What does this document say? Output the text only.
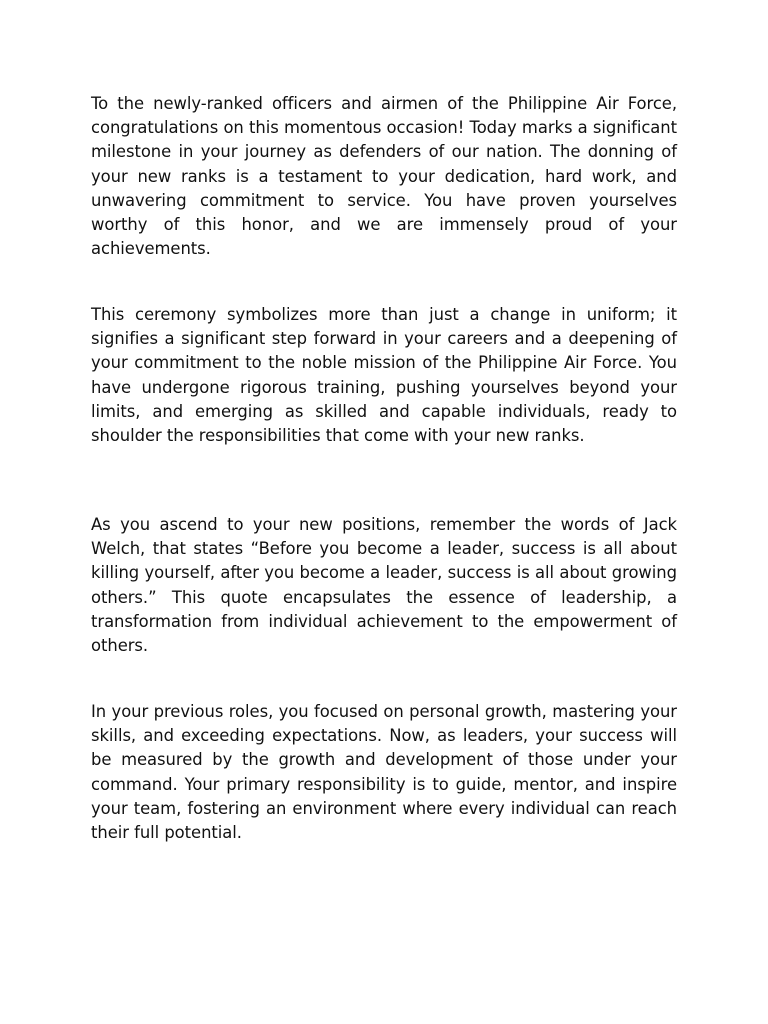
To the newly-ranked officers and airmen of the Philippine Air Force, congratulations on this momentous occasion! Today marks a significant milestone in your journey as defenders of our nation. The donning of your new ranks is a testament to your dedication, hard work, and unwavering commitment to service. You have proven yourselves worthy of this honor, and we are immensely proud of your achievements.

This ceremony symbolizes more than just a change in uniform; it signifies a significant step forward in your careers and a deepening of your commitment to the noble mission of the Philippine Air Force. You have undergone rigorous training, pushing yourselves beyond your limits, and emerging as skilled and capable individuals, ready to shoulder the responsibilities that come with your new ranks.

As you ascend to your new positions, remember the words of Jack Welch, that states “Before you become a leader, success is all about killing yourself, after you become a leader, success is all about growing others.” This quote encapsulates the essence of leadership, a transformation from individual achievement to the empowerment of others.

In your previous roles, you focused on personal growth, mastering your skills, and exceeding expectations. Now, as leaders, your success will be measured by the growth and development of those under your command. Your primary responsibility is to guide, mentor, and inspire your team, fostering an environment where every individual can reach their full potential.
